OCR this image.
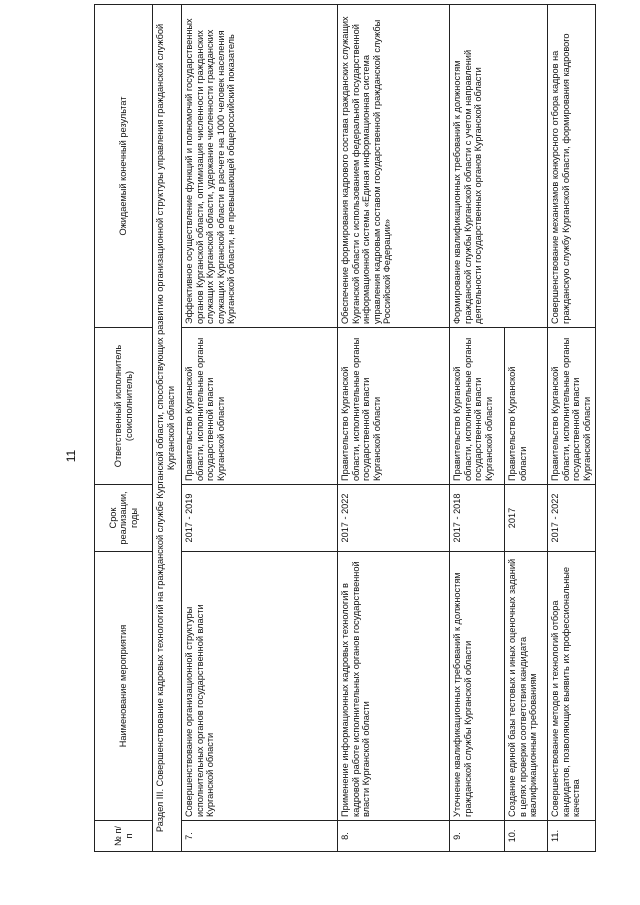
11
№ п/п	Наименование мероприятия	Срок реализации, годы	Ответственный исполнитель (соисполнитель)	Ожидаемый конечный результат
Раздел III. Совершенствование кадровых технологий на гражданской службе Курганской области, способствующих развитию организационной структуры управления гражданской службой Курганской области				
7.	Совершенствование организационной структуры исполнительных органов государственной власти Курганской области	2017 - 2019	Правительство Курганской области, исполнительные органы государственной власти Курганской области	Эффективное осуществление функций и полномочий государственных органов Курганской области, оптимизация численности гражданских служащих Курганской области, удержание численности гражданских служащих Курганской области в расчете на 1000 человек населения Курганской области, не превышающей общероссийский показатель
8.	Применение информационных кадровых технологий в кадровой работе исполнительных органов государственной власти Курганской области	2017 - 2022	Правительство Курганской области, исполнительные органы государственной власти Курганской области	Обеспечение формирования кадрового состава гражданских служащих Курганской области с использованием федеральной государственной информационной системы «Единая информационная система управления кадровым составом государственной гражданской службы Российской Федерации»
9.	Уточнение квалификационных требований к должностям гражданской службы Курганской области	2017 - 2018	Правительство Курганской области, исполнительные органы государственной власти Курганской области	Формирование квалификационных требований к должностям гражданской службы Курганской области с учетом направлений деятельности государственных органов Курганской области
10.	Создание единой базы тестовых и иных оценочных заданий в целях проверки соответствия кандидата квалификационным требованиям	2017	Правительство Курганской области	
11.	Совершенствование методов и технологий отбора кандидатов, позволяющих выявить их профессиональные качества	2017 - 2022	Правительство Курганской области, исполнительные органы государственной власти Курганской области	Совершенствование механизмов конкурсного отбора кадров на гражданскую службу Курганской области, формирования кадрового
